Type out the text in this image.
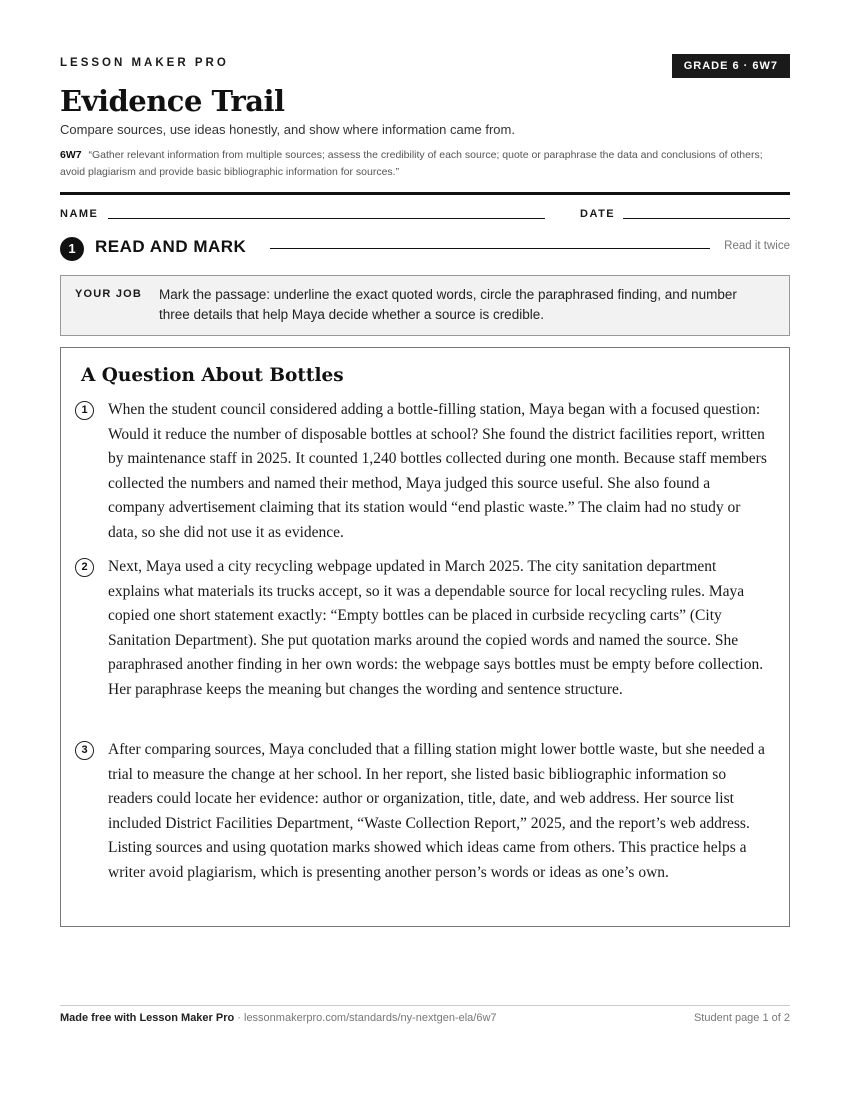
LESSON MAKER PRO	GRADE 6 · 6W7
Evidence Trail
Compare sources, use ideas honestly, and show where information came from.
6W7 “Gather relevant information from multiple sources; assess the credibility of each source; quote or paraphrase the data and conclusions of others; avoid plagiarism and provide basic bibliographic information for sources.”
NAME	DATE
1	READ AND MARK	Read it twice
YOUR JOB Mark the passage: underline the exact quoted words, circle the paraphrased finding, and number three details that help Maya decide whether a source is credible.
A Question About Bottles
1	When the student council considered adding a bottle-filling station, Maya began with a focused question: Would it reduce the number of disposable bottles at school? She found the district facilities report, written by maintenance staff in 2025. It counted 1,240 bottles collected during one month. Because staff members collected the numbers and named their method, Maya judged this source useful. She also found a company advertisement claiming that its station would “end plastic waste.” The claim had no study or data, so she did not use it as evidence.
2	Next, Maya used a city recycling webpage updated in March 2025. The city sanitation department explains what materials its trucks accept, so it was a dependable source for local recycling rules. Maya copied one short statement exactly: “Empty bottles can be placed in curbside recycling carts” (City Sanitation Department). She put quotation marks around the copied words and named the source. She paraphrased another finding in her own words: the webpage says bottles must be empty before collection. Her paraphrase keeps the meaning but changes the wording and sentence structure.
3	After comparing sources, Maya concluded that a filling station might lower bottle waste, but she needed a trial to measure the change at her school. In her report, she listed basic bibliographic information so readers could locate her evidence: author or organization, title, date, and web address. Her source list included District Facilities Department, “Waste Collection Report,” 2025, and the report’s web address. Listing sources and using quotation marks showed which ideas came from others. This practice helps a writer avoid plagiarism, which is presenting another person’s words or ideas as one’s own.
Made free with Lesson Maker Pro · lessonmakerpro.com/standards/ny-nextgen-ela/6w7	Student page 1 of 2
